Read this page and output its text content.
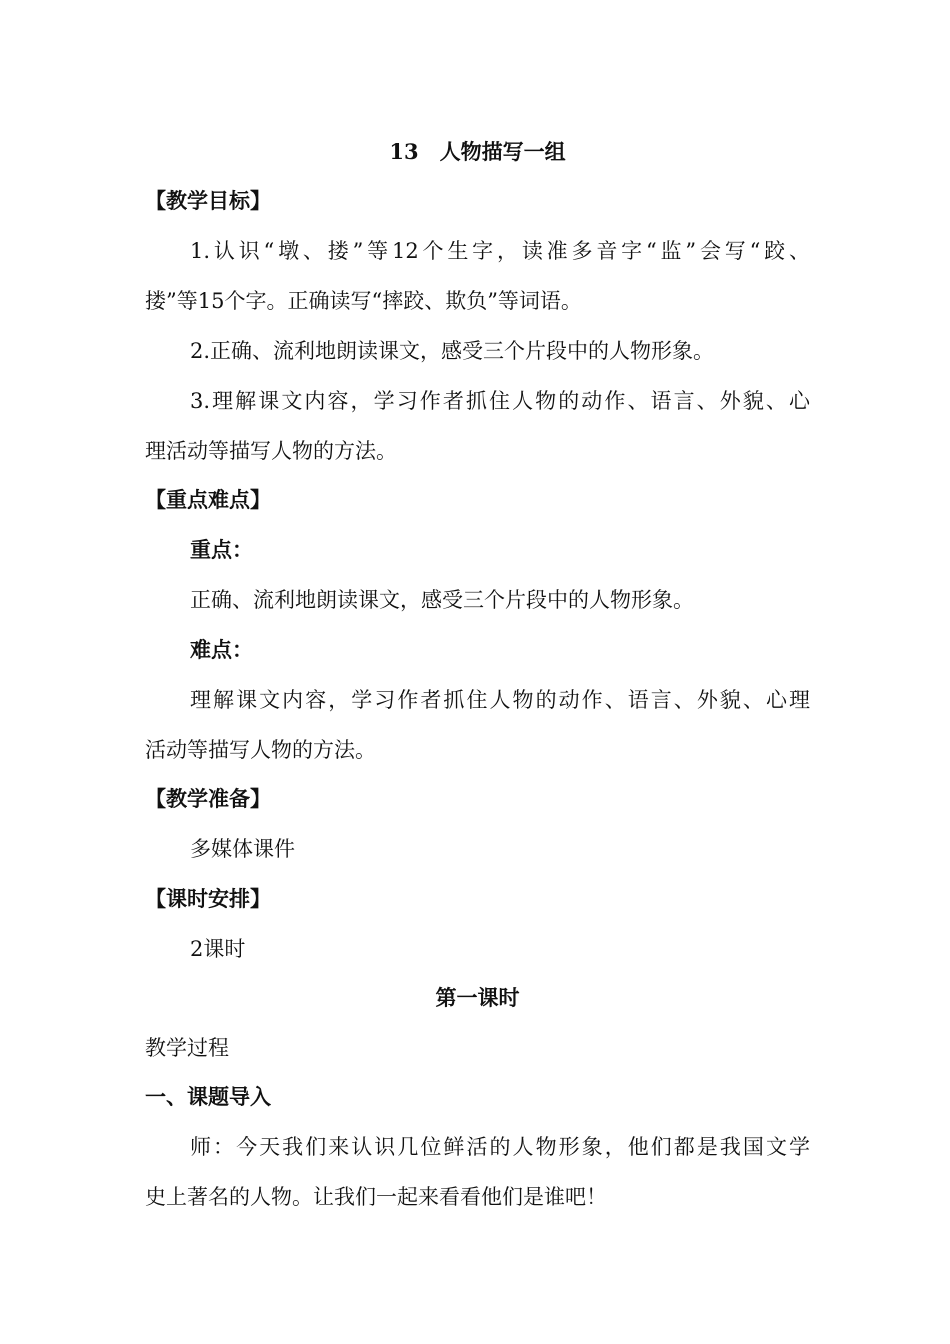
13　人物描写一组
【教学目标】
1.认识“墩、搂”等12个生字，读准多音字“监”会写“跤、
搂”等15个字。正确读写“摔跤、欺负”等词语。
2.正确、流利地朗读课文，感受三个片段中的人物形象。
3.理解课文内容，学习作者抓住人物的动作、语言、外貌、心
理活动等描写人物的方法。
【重点难点】
重点：
正确、流利地朗读课文，感受三个片段中的人物形象。
难点：
理解课文内容，学习作者抓住人物的动作、语言、外貌、心理
活动等描写人物的方法。
【教学准备】
多媒体课件
【课时安排】
2课时
第一课时
教学过程
一、课题导入
师：今天我们来认识几位鲜活的人物形象，他们都是我国文学
史上著名的人物。让我们一起来看看他们是谁吧！
